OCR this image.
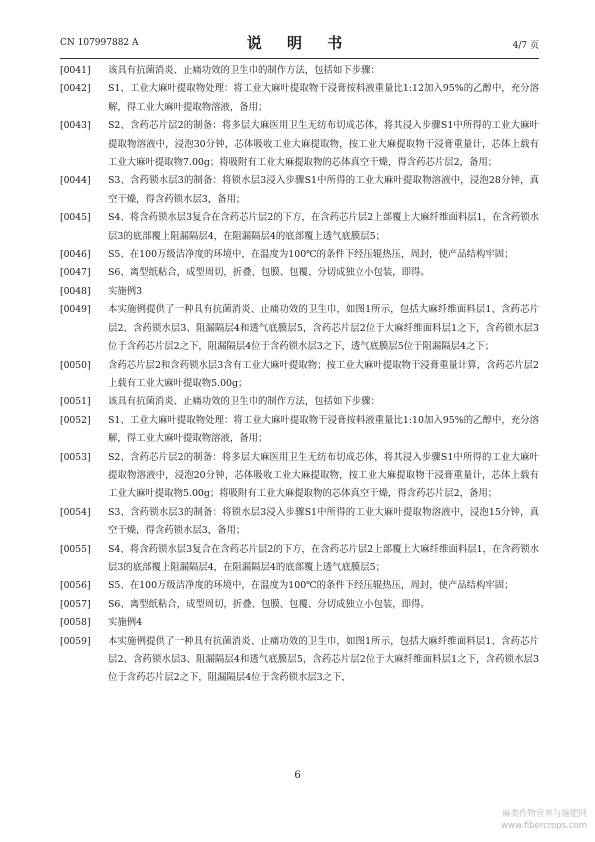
CN 107997882 A	说 明 书	4/7 页
[0041] 该具有抗菌消炎、止痛功效的卫生巾的制作方法，包括如下步骤：
[0042] S1、工业大麻叶提取物处理：将工业大麻叶提取物干浸膏按料液重量比1:12加入95%的乙醇中，充分溶解，得工业大麻叶提取物溶液，备用；
[0043] S2、含药芯片层2的制备：将多层大麻医用卫生无纺布切成芯体，将其浸入步骤S1中所得的工业大麻叶提取物溶液中，浸泡30分钟，芯体吸收工业大麻提取物，按工业大麻提取物干浸膏重量计，芯体上载有工业大麻叶提取物7.00g；将吸附有工业大麻提取物的芯体真空干燥，得含药芯片层2，备用；
[0044] S3、含药锁水层3的制备：将锁水层3浸入步骤S1中所得的工业大麻叶提取物溶液中，浸泡28分钟，真空干燥，得含药锁水层3，备用；
[0045] S4、将含药锁水层3复合在含药芯片层2的下方，在含药芯片层2上部覆上大麻纤维面料层1，在含药锁水层3的底部覆上阻漏隔层4，在阻漏隔层4的底部覆上透气底膜层5；
[0046] S5、在100万级洁净度的环境中，在温度为100℃的条件下经压辊热压，周封，使产品结构牢固；
[0047] S6、离型纸粘合，成型周切，折叠、包膜、包覆、分切成独立小包装，即得。
[0048] 实施例3
[0049] 本实施例提供了一种具有抗菌消炎、止痛功效的卫生巾，如图1所示，包括大麻纤维面料层1、含药芯片层2、含药锁水层3、阻漏隔层4和透气底膜层5，含药芯片层2位于大麻纤维面料层1之下，含药锁水层3位于含药芯片层2之下，阻漏隔层4位于含药锁水层3之下，透气底膜层5位于阻漏隔层4之下；
[0050] 含药芯片层2和含药锁水层3含有工业大麻叶提取物；按工业大麻叶提取物干浸膏重量计算，含药芯片层2上载有工业大麻叶提取物5.00g；
[0051] 该具有抗菌消炎、止痛功效的卫生巾的制作方法，包括如下步骤：
[0052] S1、工业大麻叶提取物处理：将工业大麻叶提取物干浸膏按料液重量比1:10加入95%的乙醇中，充分溶解，得工业大麻叶提取物溶液，备用；
[0053] S2、含药芯片层2的制备：将多层大麻医用卫生无纺布切成芯体，将其浸入步骤S1中所得的工业大麻叶提取物溶液中，浸泡20分钟，芯体吸收工业大麻提取物，按工业大麻提取物干浸膏重量计，芯体上载有工业大麻叶提取物5.00g；将吸附有工业大麻提取物的芯体真空干燥，得含药芯片层2，备用；
[0054] S3、含药锁水层3的制备：将锁水层3浸入步骤S1中所得的工业大麻叶提取物溶液中，浸泡15分钟，真空干燥，得含药锁水层3，备用；
[0055] S4、将含药锁水层3复合在含药芯片层2的下方，在含药芯片层2上部覆上大麻纤维面料层1，在含药锁水层3的底部覆上阻漏隔层4，在阻漏隔层4的底部覆上透气底膜层5；
[0056] S5、在100万级洁净度的环境中，在温度为100℃的条件下经压辊热压，周封，使产品结构牢固；
[0057] S6、离型纸粘合，成型周切，折叠、包膜、包覆、分切成独立小包装，即得。
[0058] 实施例4
[0059] 本实施例提供了一种具有抗菌消炎、止痛功效的卫生巾，如图1所示，包括大麻纤维面料层1、含药芯片层2、含药锁水层3、阻漏隔层4和透气底膜层5，含药芯片层2位于大麻纤维面料层1之下，含药锁水层3位于含药芯片层2之下，阻漏隔层4位于含药锁水层3之下，
6
麻类作物营养与施肥网
www.fibercrops.com
